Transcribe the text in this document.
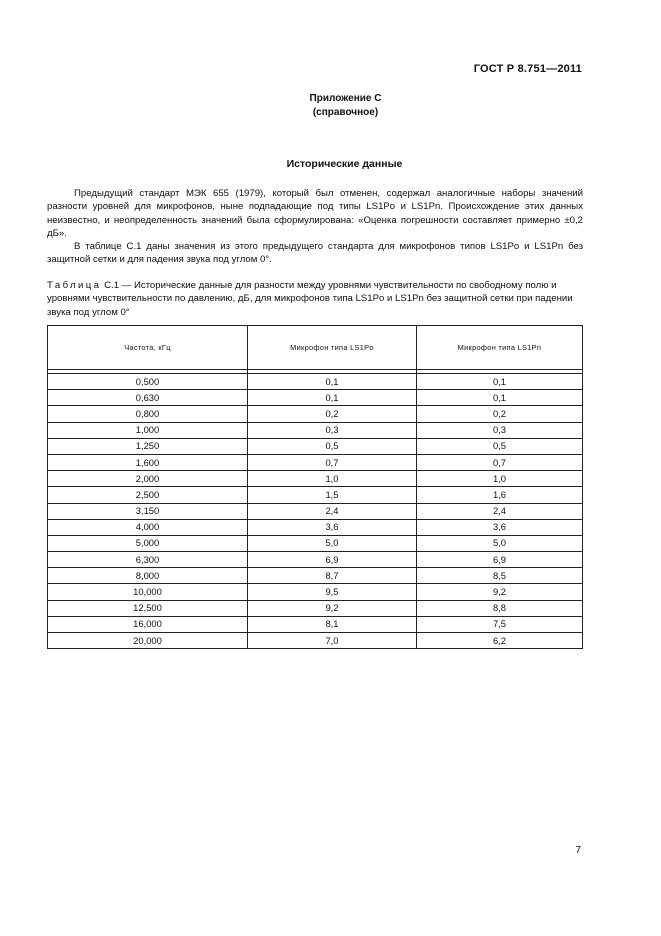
ГОСТ Р 8.751—2011
Приложение С
(справочное)
Исторические данные

Предыдущий стандарт МЭК 655 (1979), который был отменен, содержал аналогичные наборы значений разности уровней для микрофонов, ныне подпадающие под типы LS1Po и LS1Pn. Происхождение этих данных неизвестно, и неопределенность значений была сформулирована: «Оценка погрешности составляет примерно ±0,2 дБ».

В таблице С.1 даны значения из этого предыдущего стандарта для микрофонов типов LS1Po и LS1Pn без защитной сетки и для падения звука под углом 0°.

Таблица С.1 — Исторические данные для разности между уровнями чувствительности по свободному полю и уровнями чувствительности по давлению, дБ, для микрофонов типа LS1Po и LS1Pn без защитной сетки при падении звука под углом 0°
Частота, кГц	Микрофон типа LS1Po	Микрофон типа LS1Pn

0,500	0,1	0,1
0,630	0,1	0,1
0,800	0,2	0,2
1,000	0,3	0,3
1,250	0,5	0,5
1,600	0,7	0,7
2,000	1,0	1,0
2,500	1,5	1,6
3,150	2,4	2,4
4,000	3,6	3,6
5,000	5,0	5,0
6,300	6,9	6,9
8,000	8,7	8,5
10,000	9,5	9,2
12,500	9,2	8,8
16,000	8,1	7,5
20,000	7,0	6,2
7
